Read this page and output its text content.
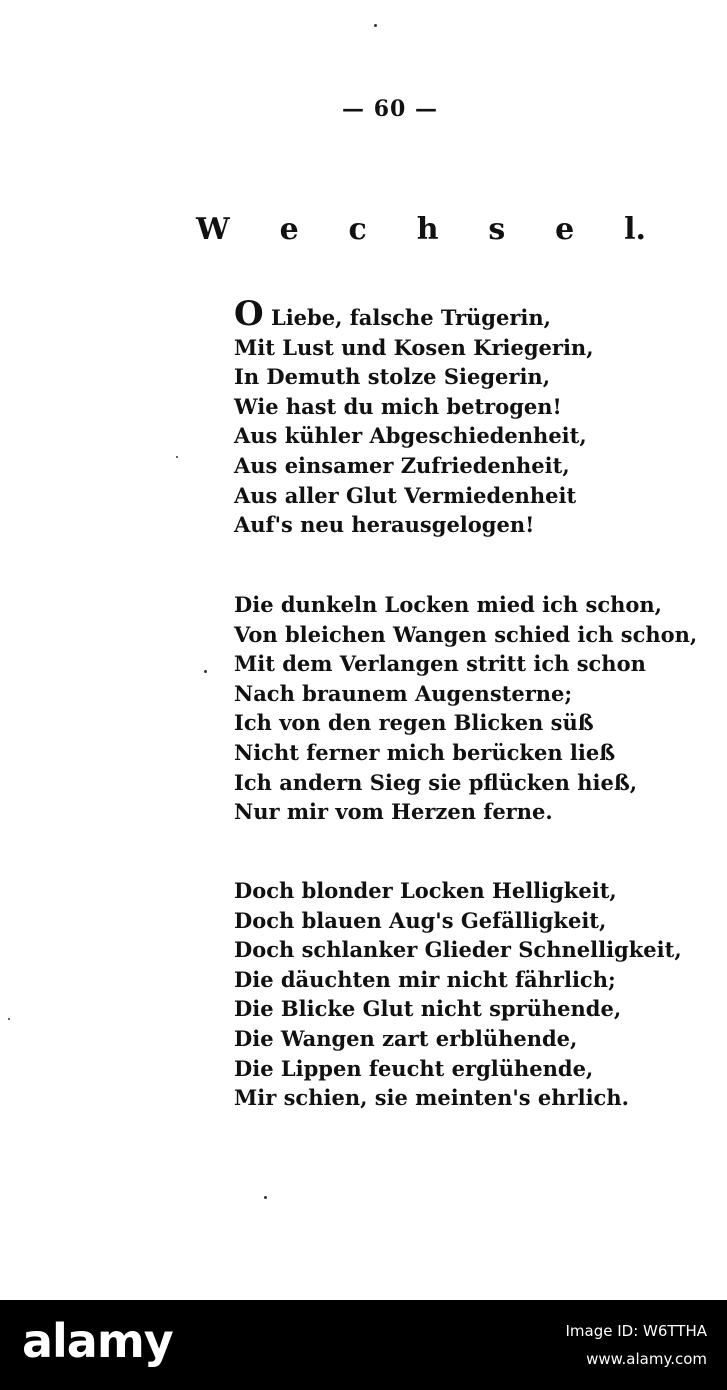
— 60 —
W e c h s e l.
O Liebe, falsche Trügerin,
Mit Lust und Kosen Kriegerin,
In Demuth stolze Siegerin,
Wie hast du mich betrogen!
Aus kühler Abgeschiedenheit,
Aus einsamer Zufriedenheit,
Aus aller Glut Vermiedenheit
Auf's neu herausgelogen!
Die dunkeln Locken mied ich schon,
Von bleichen Wangen schied ich schon,
Mit dem Verlangen stritt ich schon
Nach braunem Augensterne;
Ich von den regen Blicken süß
Nicht ferner mich berücken ließ
Ich andern Sieg sie pflücken hieß,
Nur mir vom Herzen ferne.
Doch blonder Locken Helligkeit,
Doch blauen Aug's Gefälligkeit,
Doch schlanker Glieder Schnelligkeit,
Die däuchten mir nicht fährlich;
Die Blicke Glut nicht sprühende,
Die Wangen zart erblühende,
Die Lippen feucht erglühende,
Mir schien, sie meinten's ehrlich.
alamy	Image ID: W6TTHA
www.alamy.com
